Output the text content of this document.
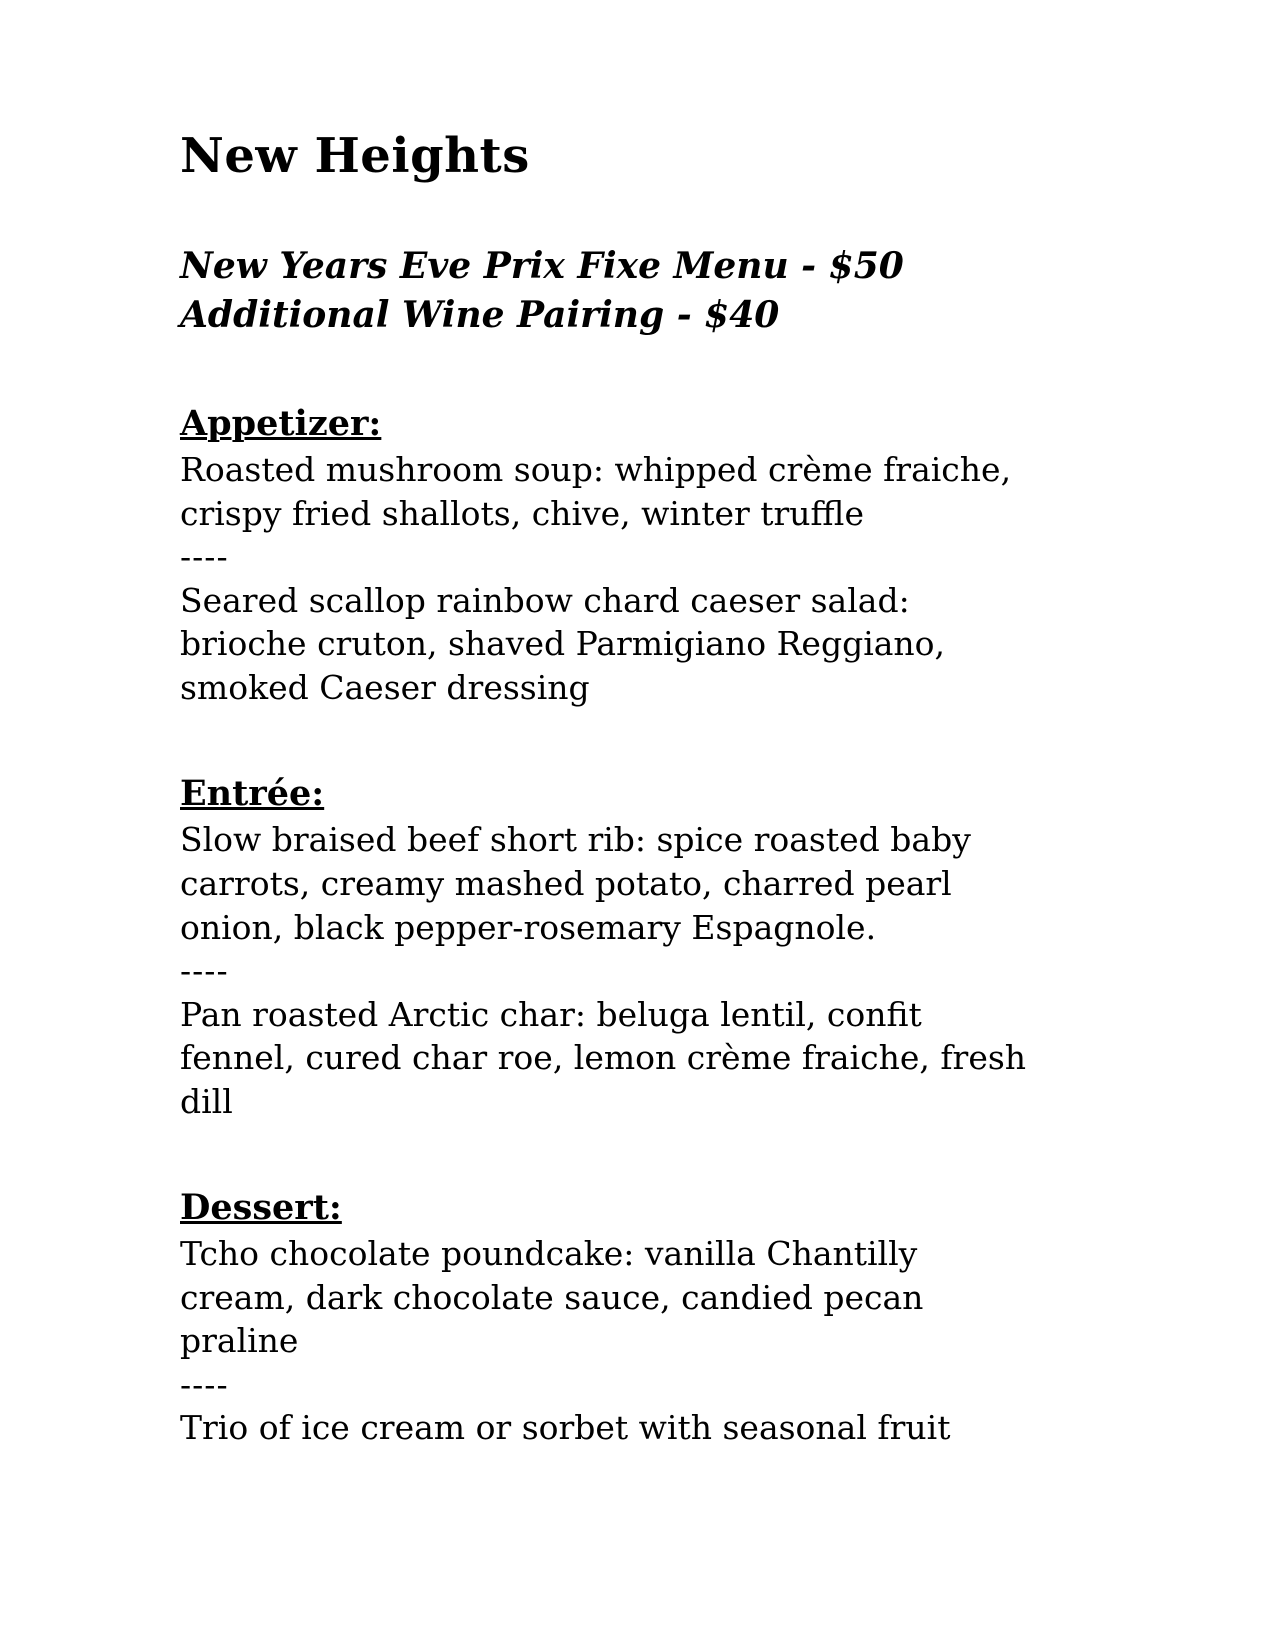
New Heights

New Years Eve Prix Fixe Menu - $50
Additional Wine Pairing - $40

Appetizer:

Roasted mushroom soup: whipped crème fraiche, crispy fried shallots, chive, winter truffle

----

Seared scallop rainbow chard caeser salad: brioche cruton, shaved Parmigiano Reggiano, smoked Caeser dressing

Entrée:

Slow braised beef short rib: spice roasted baby carrots, creamy mashed potato, charred pearl onion, black pepper-rosemary Espagnole.

----

Pan roasted Arctic char: beluga lentil, confit fennel, cured char roe, lemon crème fraiche, fresh dill

Dessert:

Tcho chocolate poundcake: vanilla Chantilly cream, dark chocolate sauce, candied pecan praline

----

Trio of ice cream or sorbet with seasonal fruit
